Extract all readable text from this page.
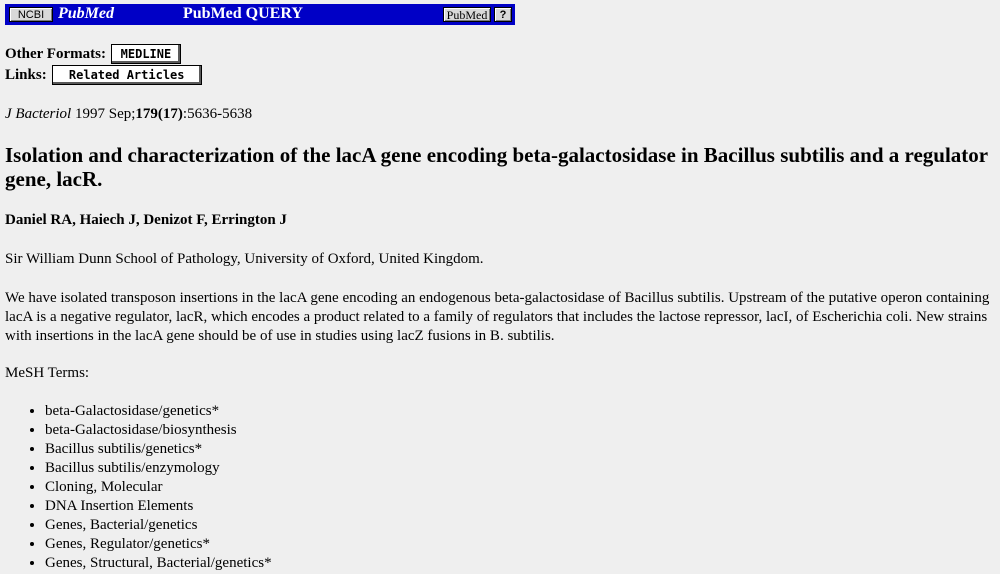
NCBI PubMed	PubMed QUERY	PubMed	?
Other Formats:	MEDLINE
Links:	Related Articles
J Bacteriol 1997 Sep;179(17):5636-5638
Isolation and characterization of the lacA gene encoding beta-galactosidase in Bacillus subtilis and a regulator gene, lacR.
Daniel RA, Haiech J, Denizot F, Errington J
Sir William Dunn School of Pathology, University of Oxford, United Kingdom.
We have isolated transposon insertions in the lacA gene encoding an endogenous beta-galactosidase of Bacillus subtilis. Upstream of the putative operon containing lacA is a negative regulator, lacR, which encodes a product related to a family of regulators that includes the lactose repressor, lacI, of Escherichia coli. New strains with insertions in the lacA gene should be of use in studies using lacZ fusions in B. subtilis.
MeSH Terms:
• beta-Galactosidase/genetics*
• beta-Galactosidase/biosynthesis
• Bacillus subtilis/genetics*
• Bacillus subtilis/enzymology
• Cloning, Molecular
• DNA Insertion Elements
• Genes, Bacterial/genetics
• Genes, Regulator/genetics*
• Genes, Structural, Bacterial/genetics*
